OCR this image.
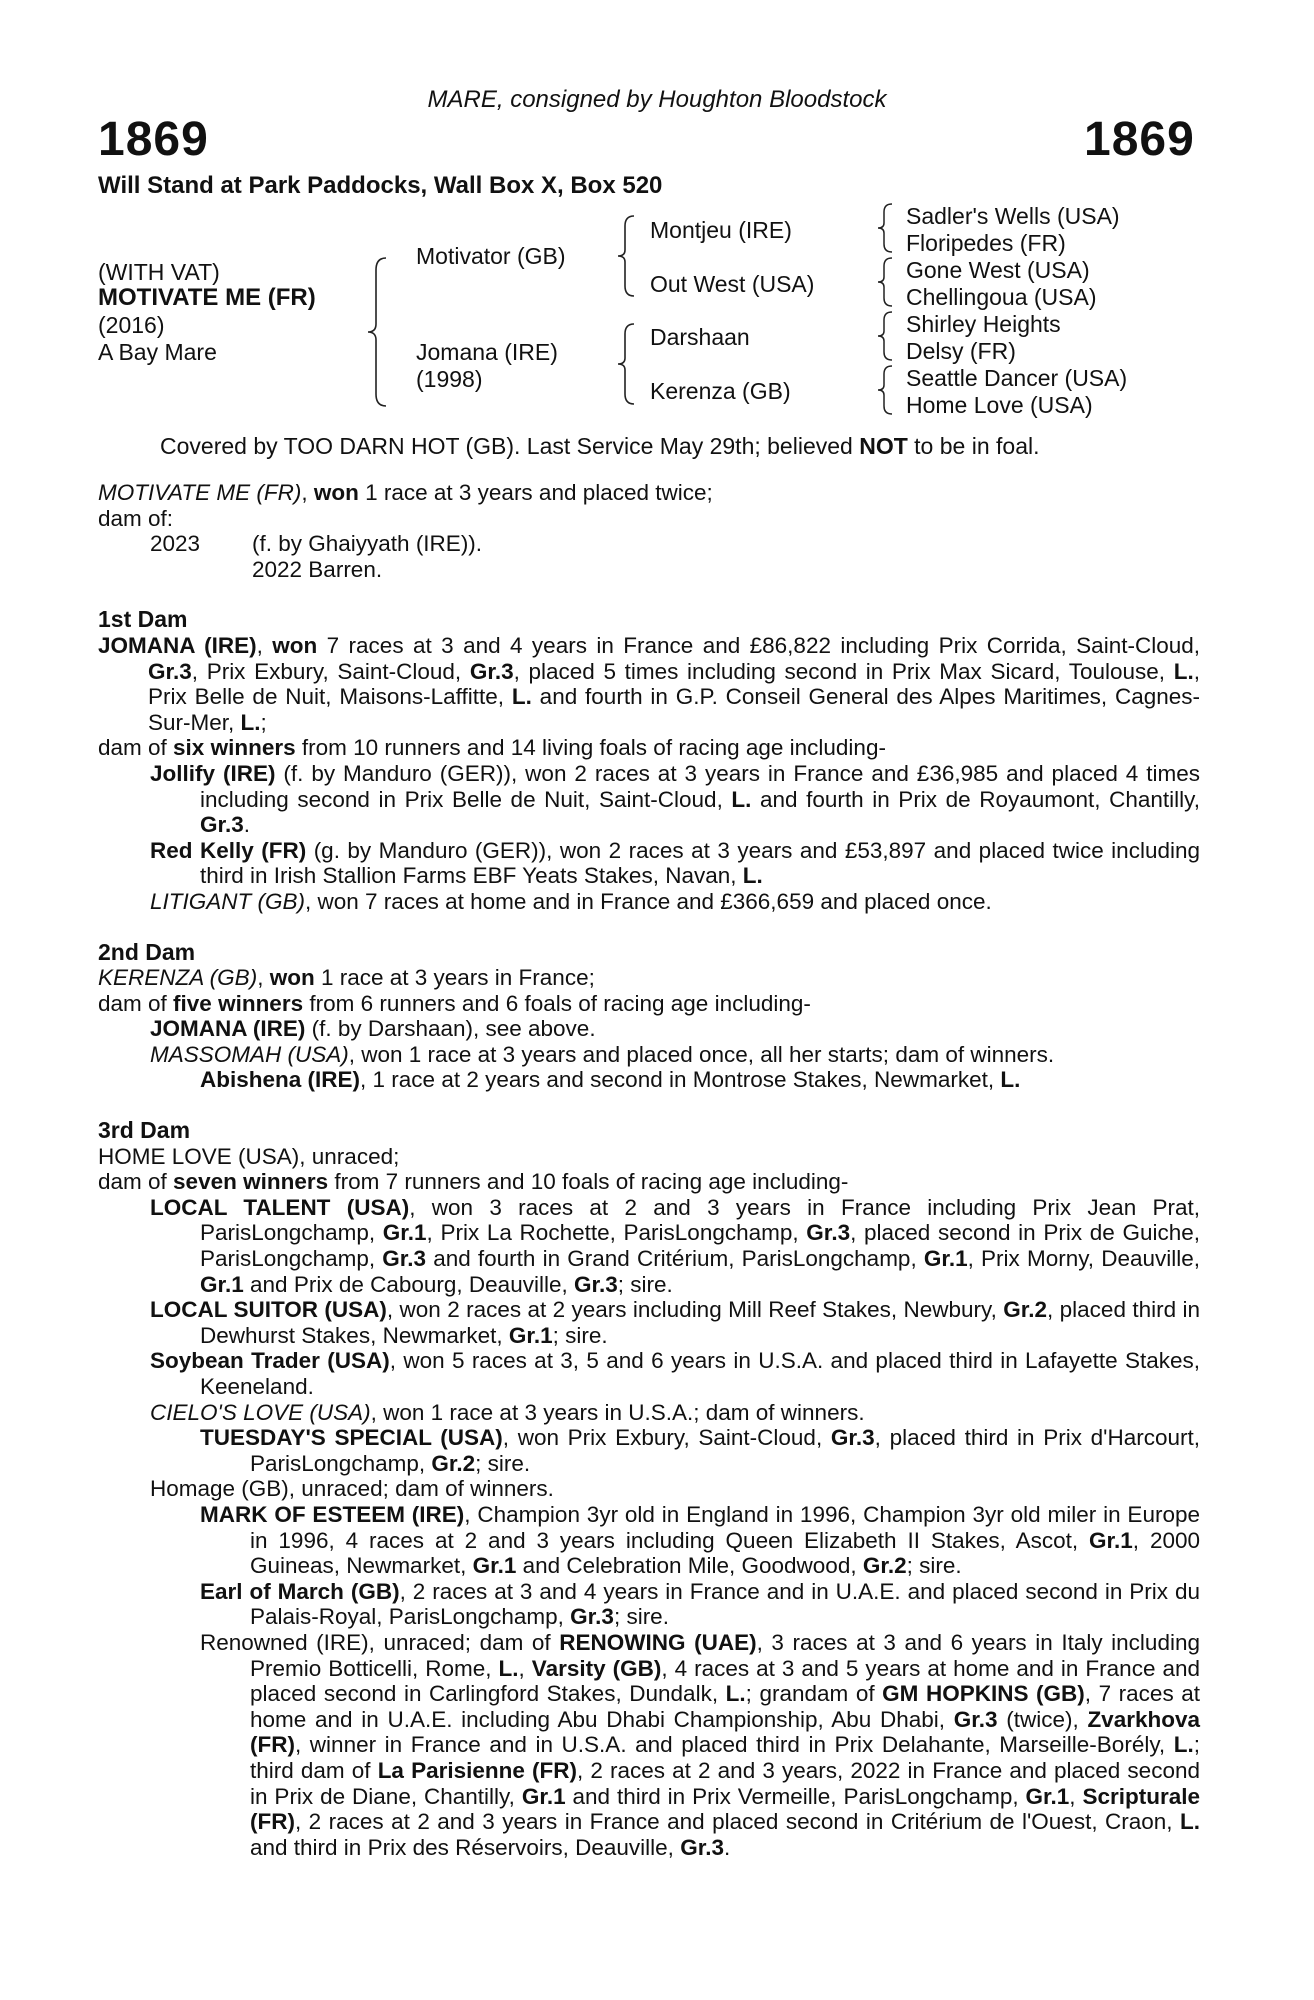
MARE, consigned by Houghton Bloodstock
1869	1869
Will Stand at Park Paddocks, Wall Box X, Box 520
(WITH VAT)
MOTIVATE ME (FR)
(2016)
A Bay Mare
Motivator (GB)
Jomana (IRE)
(1998)
Montjeu (IRE)
Out West (USA)
Darshaan
Kerenza (GB)
Sadler's Wells (USA)
Floripedes (FR)
Gone West (USA)
Chellingoua (USA)
Shirley Heights
Delsy (FR)
Seattle Dancer (USA)
Home Love (USA)
Covered by TOO DARN HOT (GB). Last Service May 29th; believed NOT to be in foal.

MOTIVATE ME (FR), won 1 race at 3 years and placed twice;

dam of:

2023 (f. by Ghaiyyath (IRE)).

2022 Barren.

1st Dam

JOMANA (IRE), won 7 races at 3 and 4 years in France and £86,822 including Prix Corrida, Saint-Cloud, Gr.3, Prix Exbury, Saint-Cloud, Gr.3, placed 5 times including second in Prix Max Sicard, Toulouse, L., Prix Belle de Nuit, Maisons-Laffitte, L. and fourth in G.P. Conseil General des Alpes Maritimes, Cagnes-Sur-Mer, L.;

dam of six winners from 10 runners and 14 living foals of racing age including-

Jollify (IRE) (f. by Manduro (GER)), won 2 races at 3 years in France and £36,985 and placed 4 times including second in Prix Belle de Nuit, Saint-Cloud, L. and fourth in Prix de Royaumont, Chantilly, Gr.3.

Red Kelly (FR) (g. by Manduro (GER)), won 2 races at 3 years and £53,897 and placed twice including third in Irish Stallion Farms EBF Yeats Stakes, Navan, L.

LITIGANT (GB), won 7 races at home and in France and £366,659 and placed once.

2nd Dam

KERENZA (GB), won 1 race at 3 years in France;

dam of five winners from 6 runners and 6 foals of racing age including-

JOMANA (IRE) (f. by Darshaan), see above.

MASSOMAH (USA), won 1 race at 3 years and placed once, all her starts; dam of winners.

Abishena (IRE), 1 race at 2 years and second in Montrose Stakes, Newmarket, L.

3rd Dam

HOME LOVE (USA), unraced;

dam of seven winners from 7 runners and 10 foals of racing age including-

LOCAL TALENT (USA), won 3 races at 2 and 3 years in France including Prix Jean Prat, ParisLongchamp, Gr.1, Prix La Rochette, ParisLongchamp, Gr.3, placed second in Prix de Guiche, ParisLongchamp, Gr.3 and fourth in Grand Critérium, ParisLongchamp, Gr.1, Prix Morny, Deauville, Gr.1 and Prix de Cabourg, Deauville, Gr.3; sire.

LOCAL SUITOR (USA), won 2 races at 2 years including Mill Reef Stakes, Newbury, Gr.2, placed third in Dewhurst Stakes, Newmarket, Gr.1; sire.

Soybean Trader (USA), won 5 races at 3, 5 and 6 years in U.S.A. and placed third in Lafayette Stakes, Keeneland.

CIELO'S LOVE (USA), won 1 race at 3 years in U.S.A.; dam of winners.

TUESDAY'S SPECIAL (USA), won Prix Exbury, Saint-Cloud, Gr.3, placed third in Prix d'Harcourt, ParisLongchamp, Gr.2; sire.

Homage (GB), unraced; dam of winners.

MARK OF ESTEEM (IRE), Champion 3yr old in England in 1996, Champion 3yr old miler in Europe in 1996, 4 races at 2 and 3 years including Queen Elizabeth II Stakes, Ascot, Gr.1, 2000 Guineas, Newmarket, Gr.1 and Celebration Mile, Goodwood, Gr.2; sire.

Earl of March (GB), 2 races at 3 and 4 years in France and in U.A.E. and placed second in Prix du Palais-Royal, ParisLongchamp, Gr.3; sire.

Renowned (IRE), unraced; dam of RENOWING (UAE), 3 races at 3 and 6 years in Italy including Premio Botticelli, Rome, L., Varsity (GB), 4 races at 3 and 5 years at home and in France and placed second in Carlingford Stakes, Dundalk, L.; grandam of GM HOPKINS (GB), 7 races at home and in U.A.E. including Abu Dhabi Championship, Abu Dhabi, Gr.3 (twice), Zvarkhova (FR), winner in France and in U.S.A. and placed third in Prix Delahante, Marseille-Borély, L.; third dam of La Parisienne (FR), 2 races at 2 and 3 years, 2022 in France and placed second in Prix de Diane, Chantilly, Gr.1 and third in Prix Vermeille, ParisLongchamp, Gr.1, Scripturale (FR), 2 races at 2 and 3 years in France and placed second in Critérium de l'Ouest, Craon, L. and third in Prix des Réservoirs, Deauville, Gr.3.
